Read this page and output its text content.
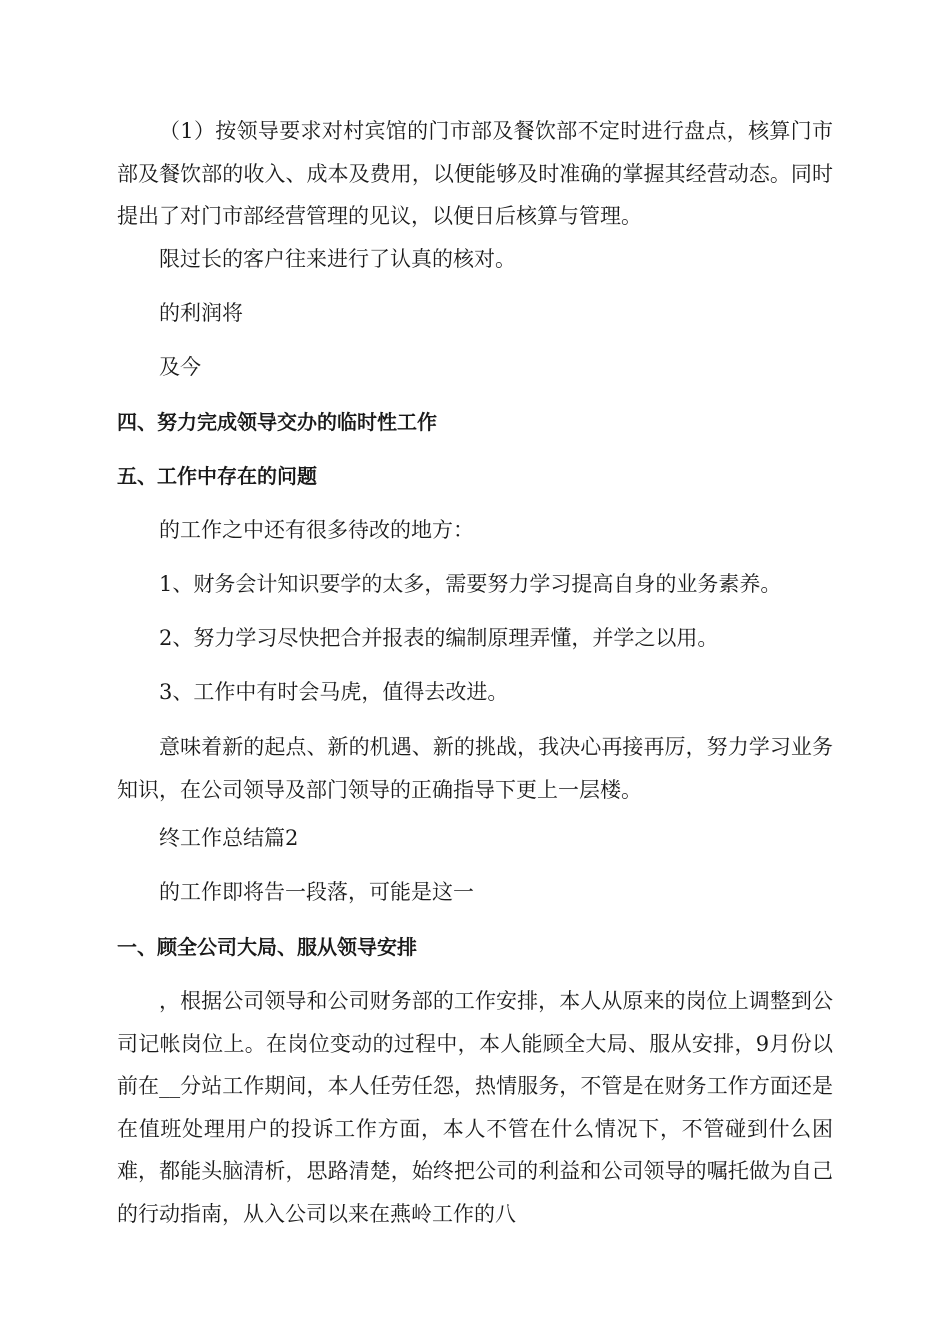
（1）按领导要求对村宾馆的门市部及餐饮部不定时进行盘点，核算门市部及餐饮部的收入、成本及费用，以便能够及时准确的掌握其经营动态。同时提出了对门市部经营管理的见议，以便日后核算与管理。

限过长的客户往来进行了认真的核对。

的利润将

及今

四、努力完成领导交办的临时性工作

五、工作中存在的问题

的工作之中还有很多待改的地方：

1、财务会计知识要学的太多，需要努力学习提高自身的业务素养。

2、努力学习尽快把合并报表的编制原理弄懂，并学之以用。

3、工作中有时会马虎，值得去改进。

意味着新的起点、新的机遇、新的挑战，我决心再接再厉，努力学习业务知识，在公司领导及部门领导的正确指导下更上一层楼。

终工作总结篇2

的工作即将告一段落，可能是这一

一、顾全公司大局、服从领导安排

，根据公司领导和公司财务部的工作安排，本人从原来的岗位上调整到公司记帐岗位上。在岗位变动的过程中，本人能顾全大局、服从安排，9月份以前在__分站工作期间，本人任劳任怨，热情服务，不管是在财务工作方面还是在值班处理用户的投诉工作方面，本人不管在什么情况下，不管碰到什么困难，都能头脑清析，思路清楚，始终把公司的利益和公司领导的嘱托做为自己的行动指南，从入公司以来在燕岭工作的八
